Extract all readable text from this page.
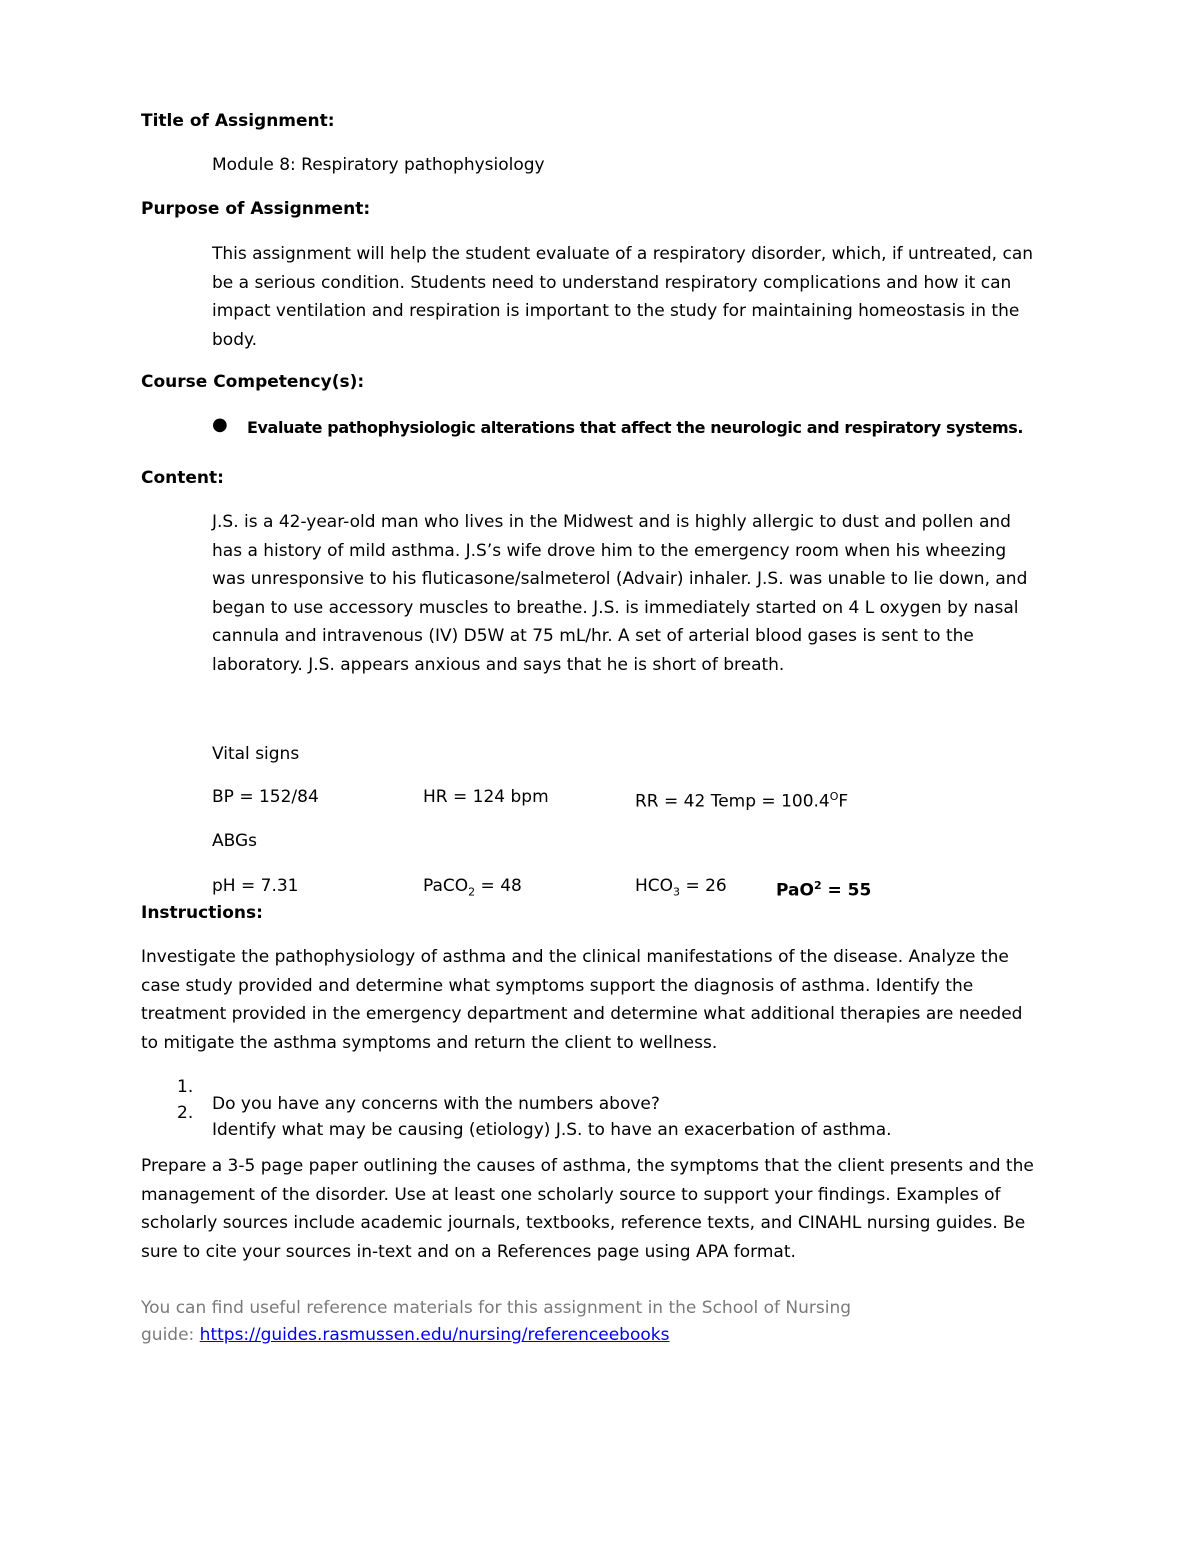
Title of Assignment:

Module 8: Respiratory pathophysiology

Purpose of Assignment:

This assignment will help the student evaluate of a respiratory disorder, which, if untreated, can
be a serious condition. Students need to understand respiratory complications and how it can
impact ventilation and respiration is important to the study for maintaining homeostasis in the
body.

Course Competency(s):

● Evaluate pathophysiologic alterations that affect the neurologic and respiratory systems.

Content:

J.S. is a 42-year-old man who lives in the Midwest and is highly allergic to dust and pollen and
has a history of mild asthma. J.S’s wife drove him to the emergency room when his wheezing
was unresponsive to his fluticasone/salmeterol (Advair) inhaler. J.S. was unable to lie down, and
began to use accessory muscles to breathe. J.S. is immediately started on 4 L oxygen by nasal
cannula and intravenous (IV) D5W at 75 mL/hr. A set of arterial blood gases is sent to the
laboratory. J.S. appears anxious and says that he is short of breath.

Vital signs

BP = 152/84	HR = 124 bpm	RR = 42 Temp = $100.4^OF$

ABGs

pH = 7.31	PaCO$_2$ = 48	$HCO_3 = 26$	PaO$^2$ = 55

Instructions:

Investigate the pathophysiology of asthma and the clinical manifestations of the disease. Analyze the
case study provided and determine what symptoms support the diagnosis of asthma. Identify the
treatment provided in the emergency department and determine what additional therapies are needed
to mitigate the asthma symptoms and return the client to wellness.
1.

Do you have any concerns with the numbers above?

2.

Identify what may be causing (etiology) J.S. to have an exacerbation of asthma.

Prepare a 3-5 page paper outlining the causes of asthma, the symptoms that the client presents and the
management of the disorder. Use at least one scholarly source to support your findings. Examples of
scholarly sources include academic journals, textbooks, reference texts, and CINAHL nursing guides. Be
sure to cite your sources in-text and on a References page using APA format.

You can find useful reference materials for this assignment in the School of Nursing

guide: https://guides.rasmussen.edu/nursing/referenceebooks
